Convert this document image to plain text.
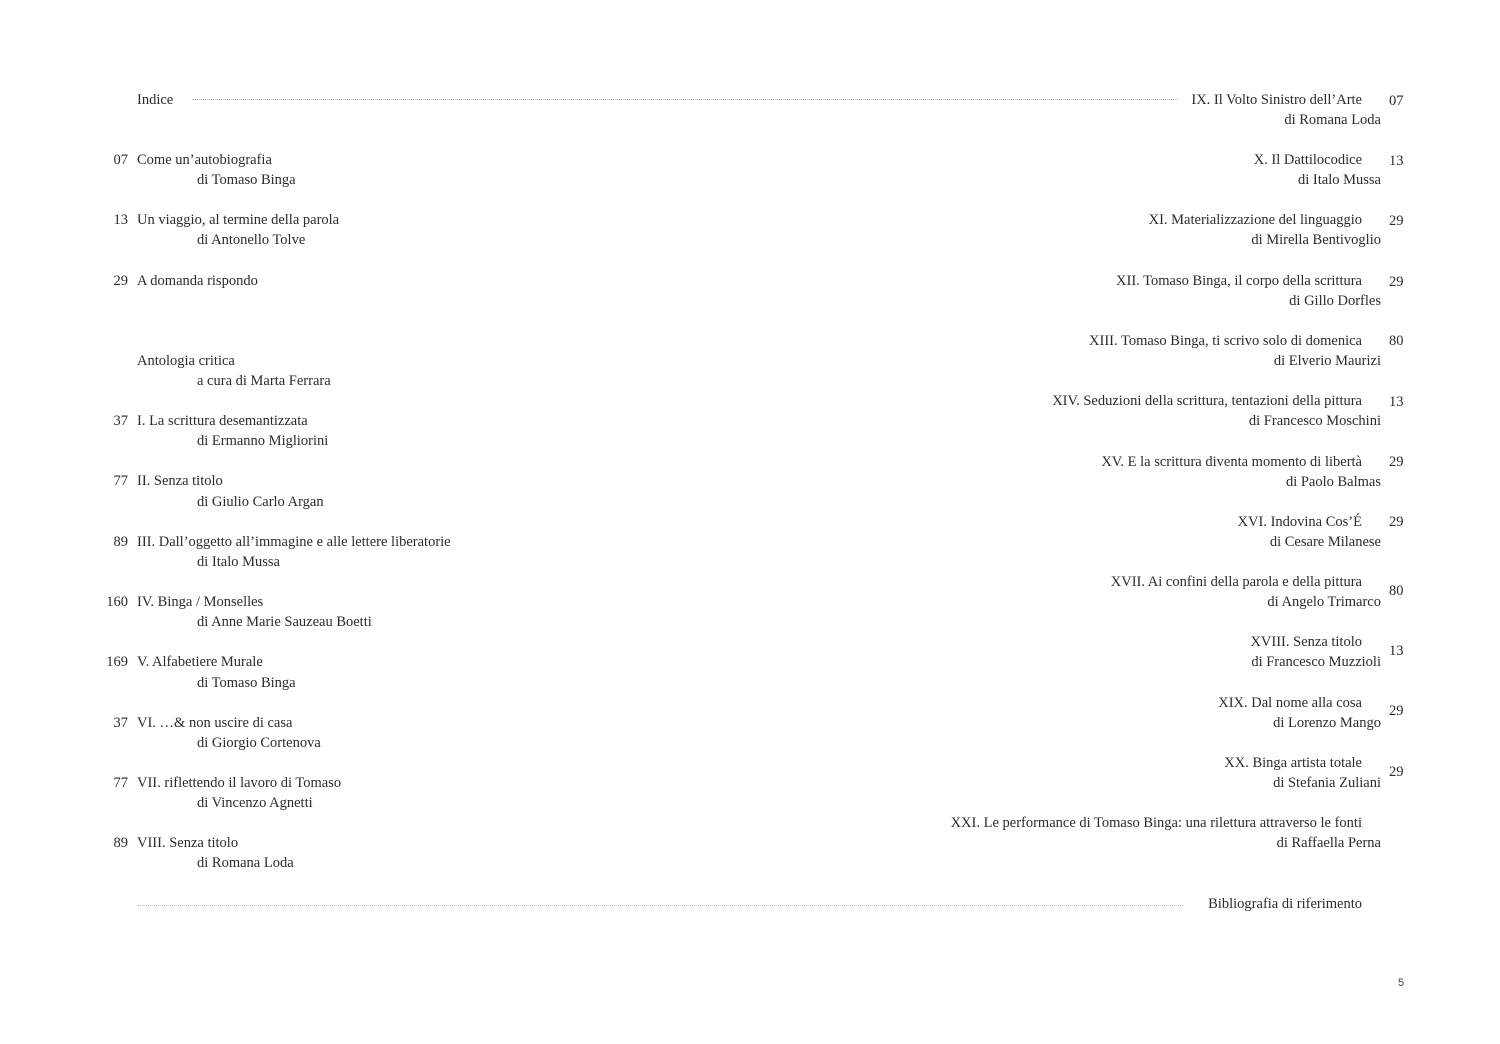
Indice
07 Come un’autobiografia
di Tomaso Binga
13 Un viaggio, al termine della parola
di Antonello Tolve
29 A domanda rispondo
Antologia critica
a cura di Marta Ferrara
37 I. La scrittura desemantizzata
di Ermanno Migliorini
77 II. Senza titolo
di Giulio Carlo Argan
89 III. Dall’oggetto all’immagine e alle lettere liberatorie
di Italo Mussa
160 IV. Binga / Monselles
di Anne Marie Sauzeau Boetti
169 V. Alfabetiere Murale
di Tomaso Binga
37 VI. …& non uscire di casa
di Giorgio Cortenova
77 VII. riflettendo il lavoro di Tomaso
di Vincenzo Agnetti
89 VIII. Senza titolo
di Romana Loda
IX. Il Volto Sinistro dell’Arte 07
di Romana Loda
X. Il Dattilocodice 13
di Italo Mussa
XI. Materializzazione del linguaggio 29
di Mirella Bentivoglio
XII. Tomaso Binga, il corpo della scrittura 29
di Gillo Dorfles
XIII. Tomaso Binga, ti scrivo solo di domenica 80
di Elverio Maurizi
XIV. Seduzioni della scrittura, tentazioni della pittura 13
di Francesco Moschini
XV. E la scrittura diventa momento di libertà 29
di Paolo Balmas
XVI. Indovina Cos’É 29
di Cesare Milanese
XVII. Ai confini della parola e della pittura
80
di Angelo Trimarco
XVIII. Senza titolo
13
di Francesco Muzzioli
XIX. Dal nome alla cosa 29
di Lorenzo Mango
XX. Binga artista totale
29
di Stefania Zuliani
XXI. Le performance di Tomaso Binga: una rilettura attraverso le fonti
di Raffaella Perna
Bibliografia di riferimento
5
